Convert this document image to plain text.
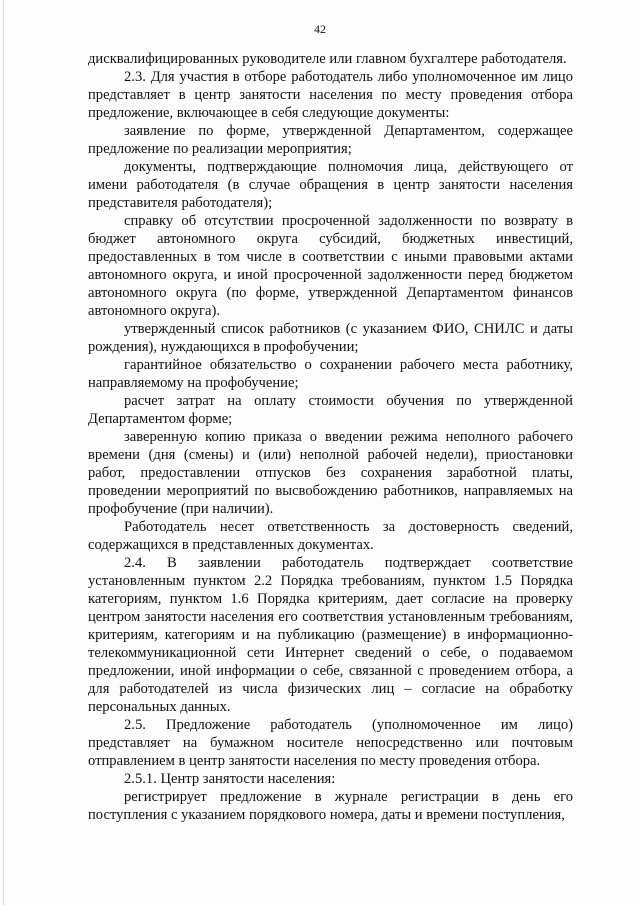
42

дисквалифицированных руководителе или главном бухгалтере работодателя.

2.3. Для участия в отборе работодатель либо уполномоченное им лицо представляет в центр занятости населения по месту проведения отбора предложение, включающее в себя следующие документы:

заявление по форме, утвержденной Департаментом, содержащее предложение по реализации мероприятия;

документы, подтверждающие полномочия лица, действующего от имени работодателя (в случае обращения в центр занятости населения представителя работодателя);

справку об отсутствии просроченной задолженности по возврату в бюджет автономного округа субсидий, бюджетных инвестиций, предоставленных в том числе в соответствии с иными правовыми актами автономного округа, и иной просроченной задолженности перед бюджетом автономного округа (по форме, утвержденной Департаментом финансов автономного округа).

утвержденный список работников (с указанием ФИО, СНИЛС и даты рождения), нуждающихся в профобучении;

гарантийное обязательство о сохранении рабочего места работнику, направляемому на профобучение;

расчет затрат на оплату стоимости обучения по утвержденной Департаментом форме;

заверенную копию приказа о введении режима неполного рабочего времени (дня (смены) и (или) неполной рабочей недели), приостановки работ, предоставлении отпусков без сохранения заработной платы, проведении мероприятий по высвобождению работников, направляемых на профобучение (при наличии).

Работодатель несет ответственность за достоверность сведений, содержащихся в представленных документах.

2.4. В заявлении работодатель подтверждает соответствие установленным пунктом 2.2 Порядка требованиям, пунктом 1.5 Порядка категориям, пунктом 1.6 Порядка критериям, дает согласие на проверку центром занятости населения его соответствия установленным требованиям, критериям, категориям и на публикацию (размещение) в информационно-телекоммуникационной сети Интернет сведений о себе, о подаваемом предложении, иной информации о себе, связанной с проведением отбора, а для работодателей из числа физических лиц – согласие на обработку персональных данных.

2.5. Предложение работодатель (уполномоченное им лицо) представляет на бумажном носителе непосредственно или почтовым отправлением в центр занятости населения по месту проведения отбора.

2.5.1. Центр занятости населения:

регистрирует предложение в журнале регистрации в день его поступления с указанием порядкового номера, даты и времени поступления,
